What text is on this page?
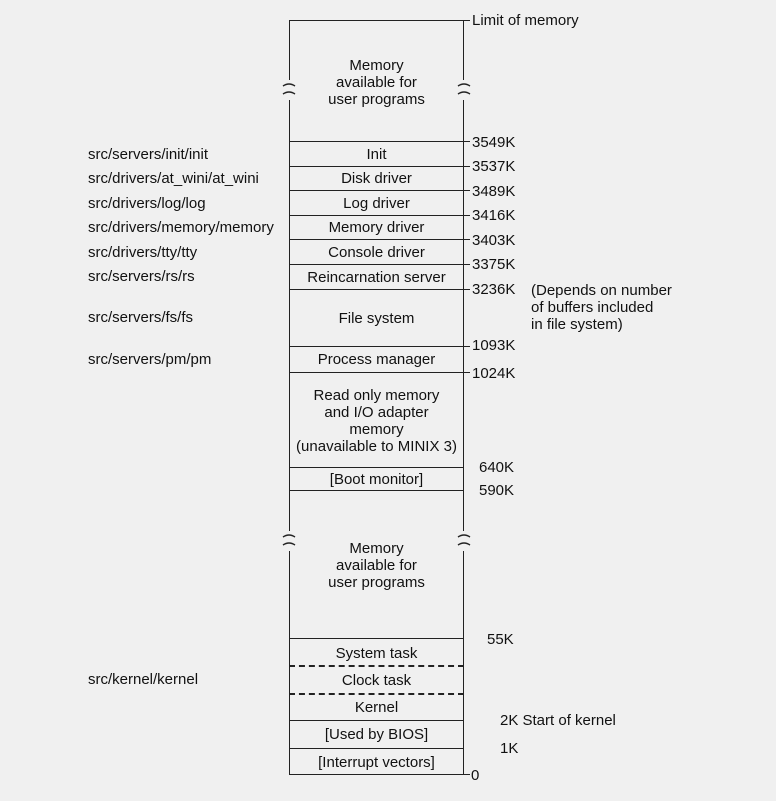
Memory
available for
user programs
Init
Disk driver
Log driver
Memory driver
Console driver
Reincarnation server
File system
Process manager
Read only memory
and I/O adapter
memory
(unavailable to MINIX 3)
[Boot monitor]
Memory
available for
user programs
System task
Clock task
Kernel
[Used by BIOS]
[Interrupt vectors]
src/servers/init/init
src/drivers/at_wini/at_wini
src/drivers/log/log
src/drivers/memory/memory
src/drivers/tty/tty
src/servers/rs/rs
src/servers/fs/fs
src/servers/pm/pm
src/kernel/kernel
Limit of memory
3549K
3537K
3489K
3416K
3403K
3375K
3236K
1093K
1024K
640K
590K
55K
2K Start of kernel
1K
0
(Depends on number
of buffers included
in file system)
